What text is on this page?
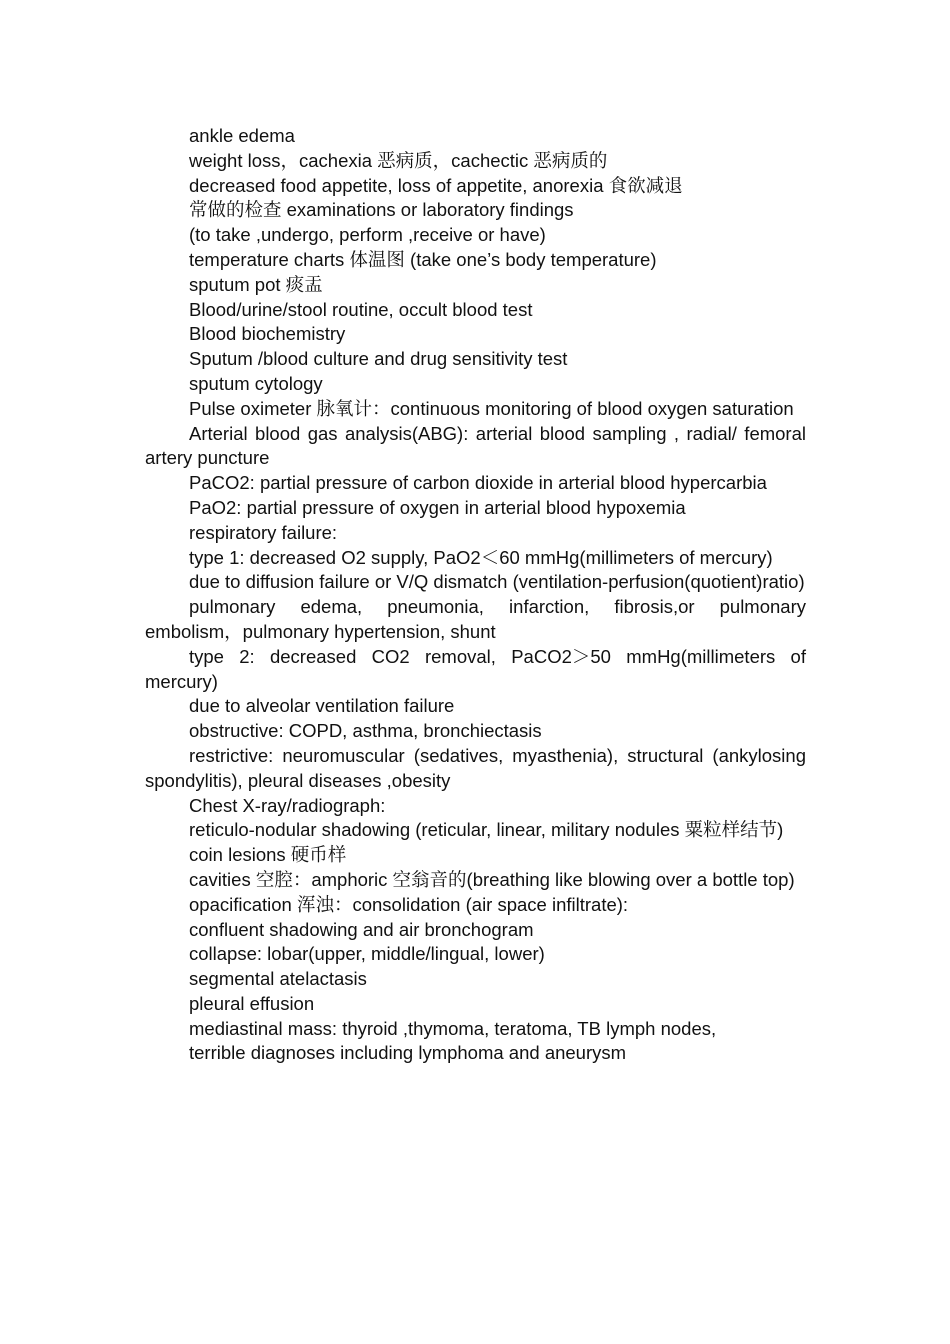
ankle edema

weight loss，cachexia 恶病质，cachectic 恶病质的

decreased food appetite, loss of appetite, anorexia 食欲减退

常做的检查 examinations or laboratory findings

(to take ,undergo, perform ,receive or have)

temperature charts 体温图 (take one’s body temperature)

sputum pot 痰盂

Blood/urine/stool routine, occult blood test

Blood biochemistry

Sputum /blood culture and drug sensitivity test

sputum cytology

Pulse oximeter 脉氧计：continuous monitoring of blood oxygen saturation

Arterial blood gas analysis(ABG): arterial blood sampling , radial/ femoral artery puncture

PaCO2: partial pressure of carbon dioxide in arterial blood hypercarbia

PaO2: partial pressure of oxygen in arterial blood hypoxemia

respiratory failure:

type 1: decreased O2 supply, PaO2＜60 mmHg(millimeters of mercury)

due to diffusion failure or V/Q dismatch (ventilation-perfusion(quotient)ratio)

pulmonary edema, pneumonia, infarction, fibrosis,or pulmonary embolism，pulmonary hypertension, shunt

type 2: decreased CO2 removal, PaCO2＞50 mmHg(millimeters of mercury)

due to alveolar ventilation failure

obstructive: COPD, asthma, bronchiectasis

restrictive: neuromuscular (sedatives, myasthenia), structural (ankylosing spondylitis), pleural diseases ,obesity

Chest X-ray/radiograph:

reticulo-nodular shadowing (reticular, linear, military nodules 粟粒样结节)

coin lesions 硬币样

cavities 空腔：amphoric 空翁音的(breathing like blowing over a bottle top)

opacification 浑浊：consolidation (air space infiltrate):

confluent shadowing and air bronchogram

collapse: lobar(upper, middle/lingual, lower)

segmental atelactasis

pleural effusion

mediastinal mass: thyroid ,thymoma, teratoma, TB lymph nodes,

terrible diagnoses including lymphoma and aneurysm
